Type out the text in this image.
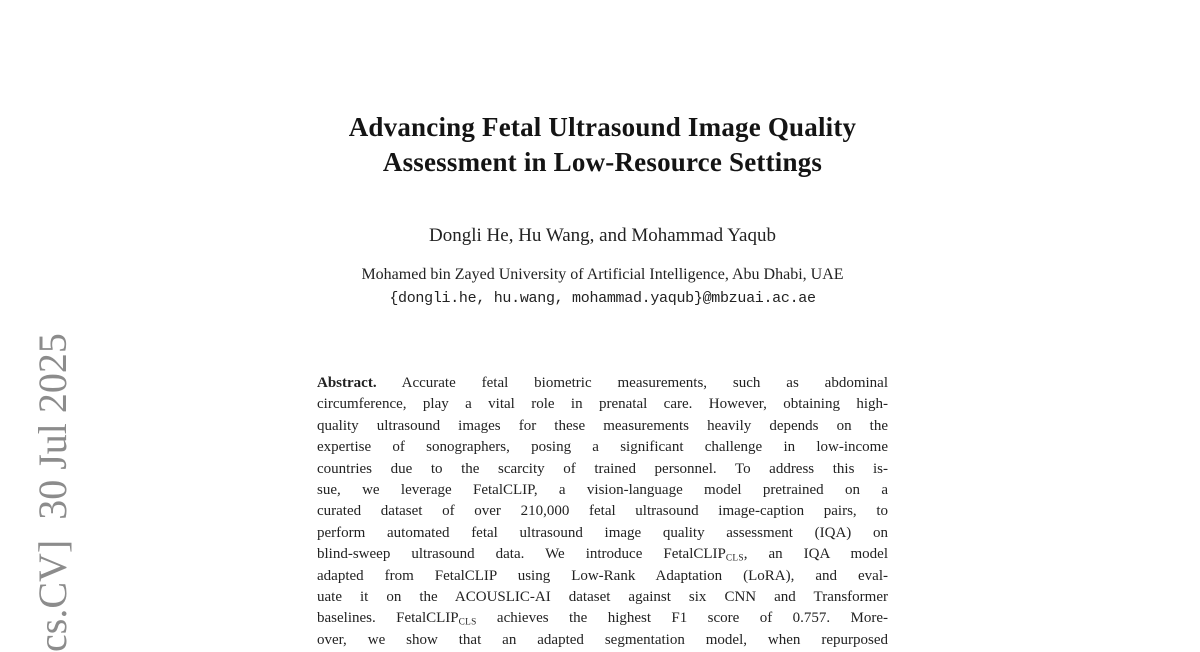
cs.CV]  30 Jul 2025
Advancing Fetal Ultrasound Image Quality
Assessment in Low-Resource Settings
Dongli He, Hu Wang, and Mohammad Yaqub
Mohamed bin Zayed University of Artificial Intelligence, Abu Dhabi, UAE
{dongli.he, hu.wang, mohammad.yaqub}@mbzuai.ac.ae
Abstract. Accurate fetal biometric measurements, such as abdominal
circumference, play a vital role in prenatal care. However, obtaining high-
quality ultrasound images for these measurements heavily depends on the
expertise of sonographers, posing a significant challenge in low-income
countries due to the scarcity of trained personnel. To address this is-
sue, we leverage FetalCLIP, a vision-language model pretrained on a
curated dataset of over 210,000 fetal ultrasound image-caption pairs, to
perform automated fetal ultrasound image quality assessment (IQA) on
blind-sweep ultrasound data. We introduce FetalCLIP$_{CLS}$, an IQA model
adapted from FetalCLIP using Low-Rank Adaptation (LoRA), and eval-
uate it on the ACOUSLIC-AI dataset against six CNN and Transformer
baselines. FetalCLIP$_{CLS}$ achieves the highest F1 score of 0.757. More-
over, we show that an adapted segmentation model, when repurposed
